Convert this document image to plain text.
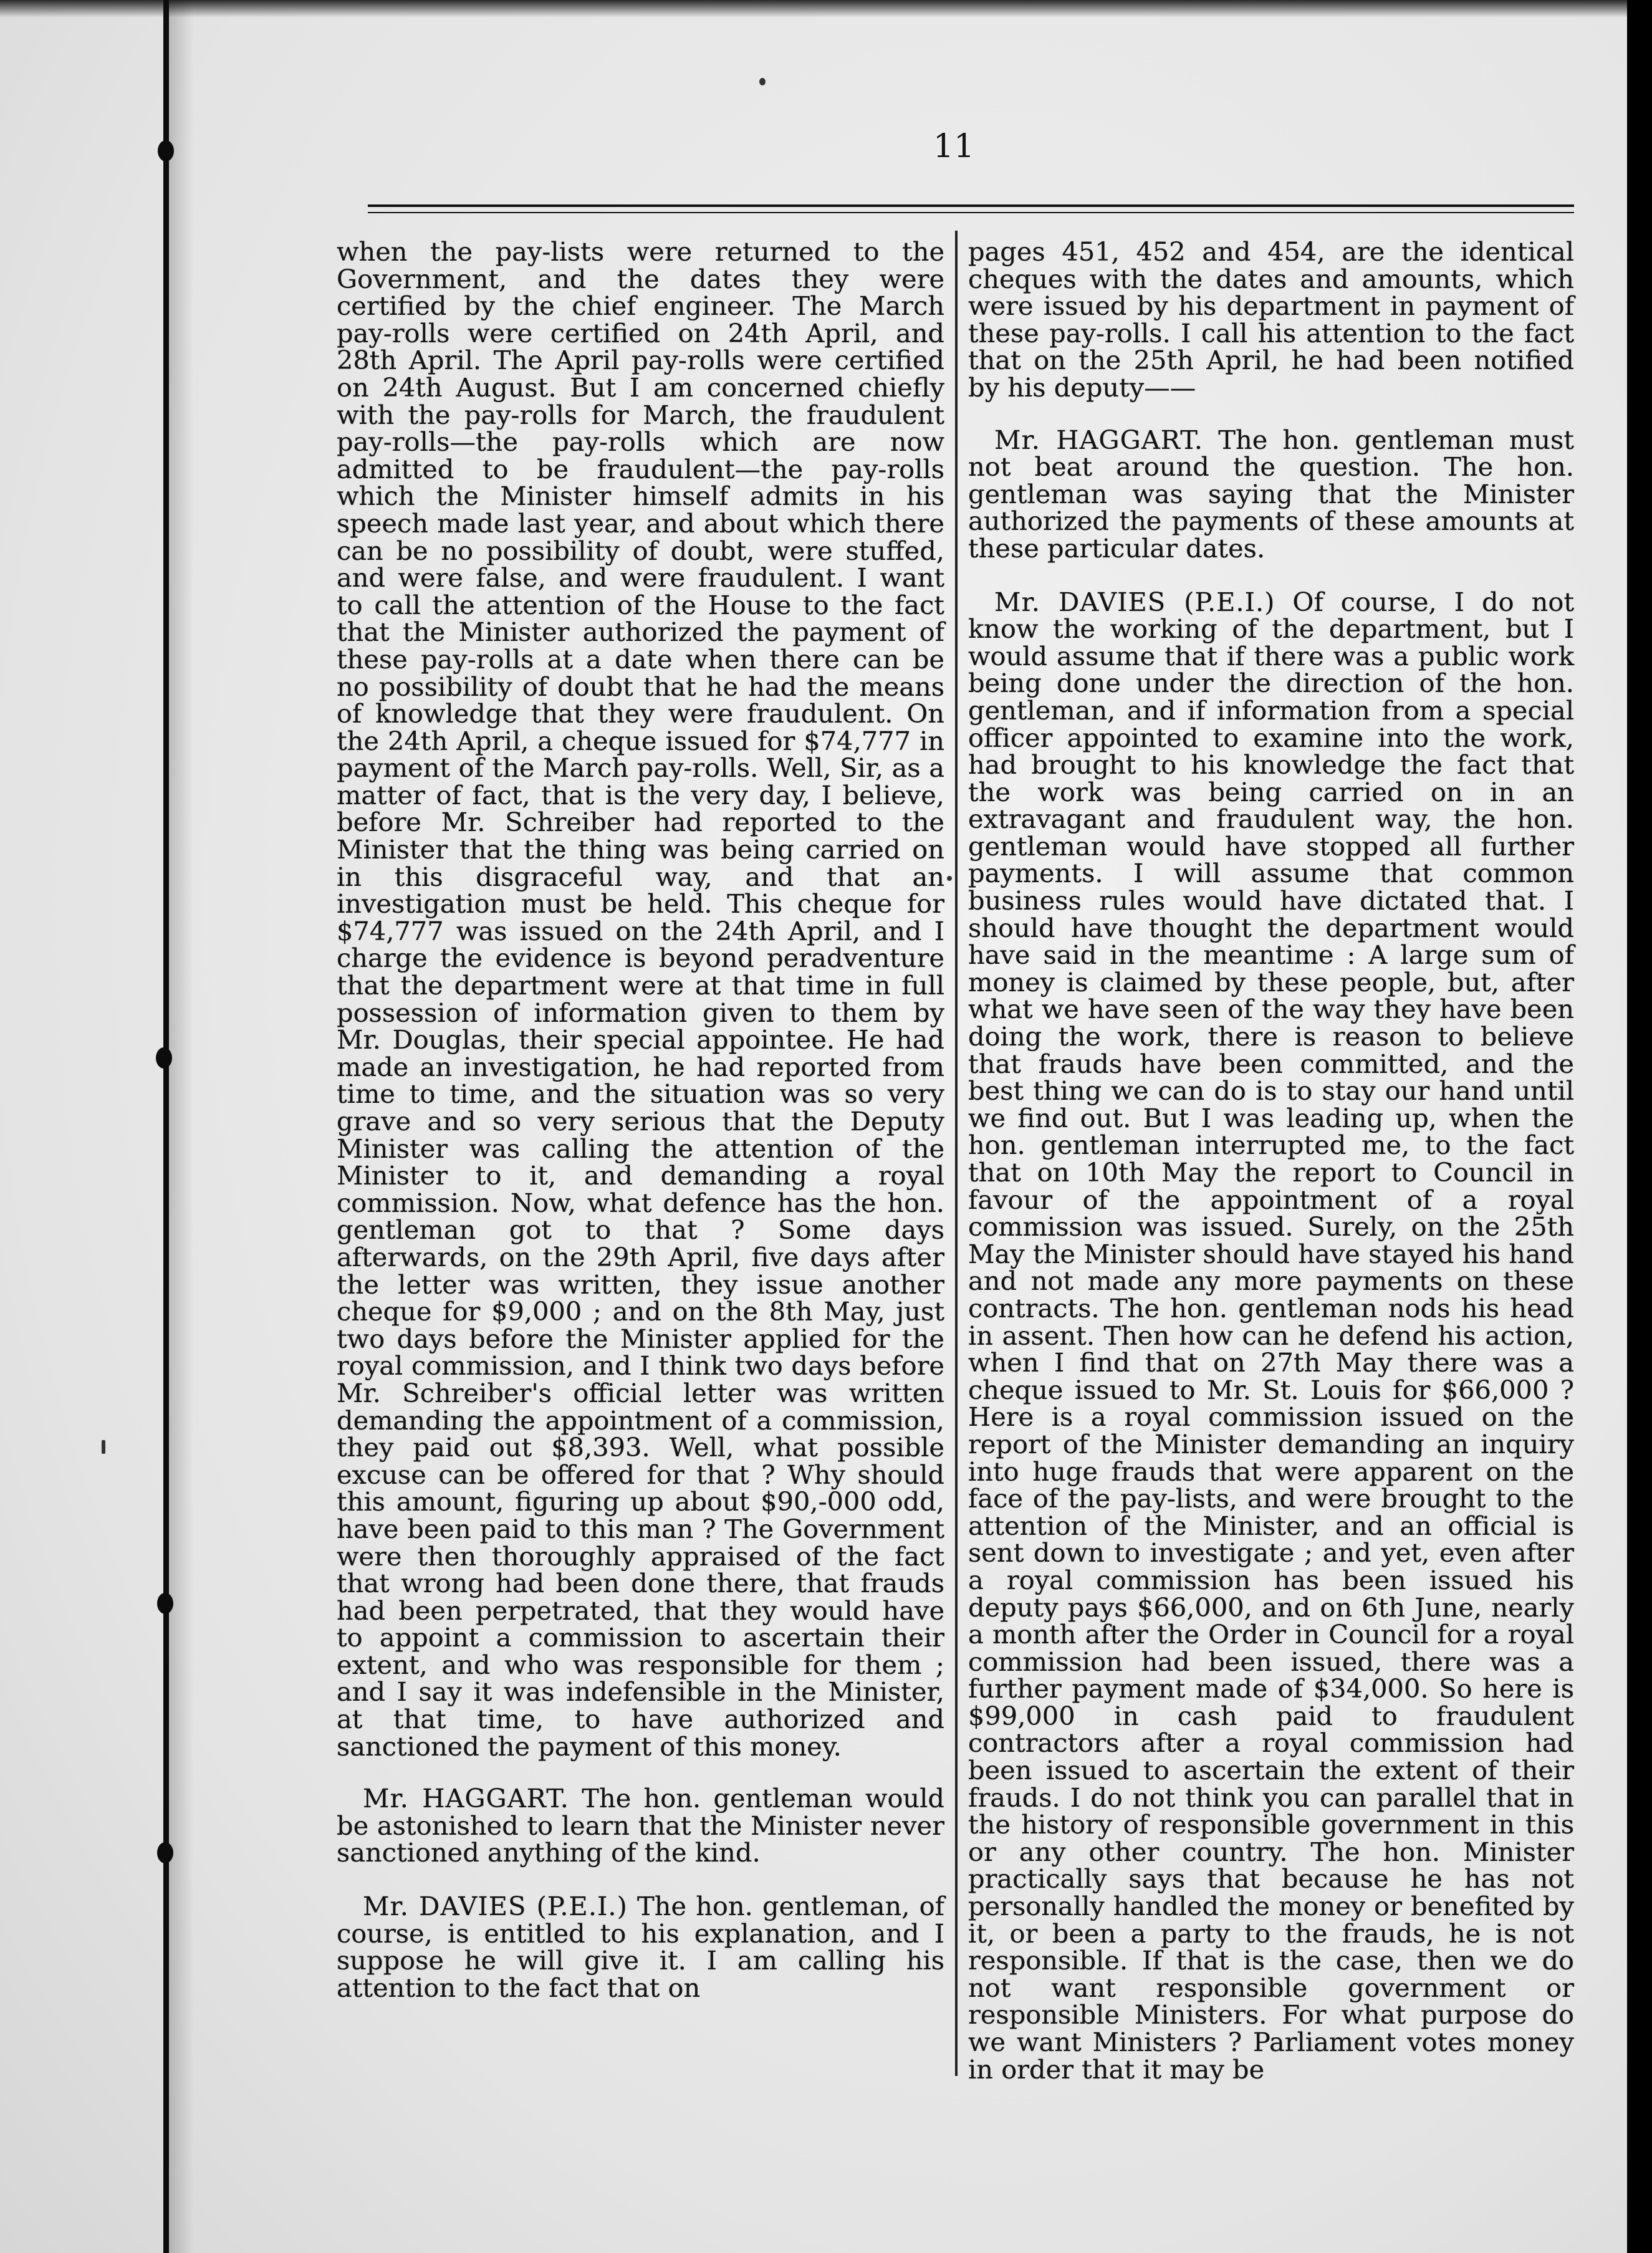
11

when the pay-lists were returned to the Government, and the dates they were certified by the chief engineer. The March pay-rolls were certified on 24th April, and 28th April. The April pay-rolls were certified on 24th August. But I am concerned chiefly with the pay-rolls for March, the fraudulent pay-rolls—the pay-rolls which are now admitted to be fraudulent—the pay-rolls which the Minister himself admits in his speech made last year, and about which there can be no possibility of doubt, were stuffed, and were false, and were fraudulent. I want to call the attention of the House to the fact that the Minister authorized the payment of these pay-rolls at a date when there can be no possibility of doubt that he had the means of knowledge that they were fraudulent. On the 24th April, a cheque issued for $74,777 in payment of the March pay-rolls. Well, Sir, as a matter of fact, that is the very day, I believe, before Mr. Schreiber had reported to the Minister that the thing was being carried on in this disgraceful way, and that an investigation must be held. This cheque for $74,777 was issued on the 24th April, and I charge the evidence is beyond peradventure that the department were at that time in full possession of information given to them by Mr. Douglas, their special appointee. He had made an investigation, he had reported from time to time, and the situation was so very grave and so very serious that the Deputy Minister was calling the attention of the Minister to it, and demanding a royal commission. Now, what defence has the hon. gentleman got to that ? Some days afterwards, on the 29th April, five days after the letter was written, they issue another cheque for $9,000 ; and on the 8th May, just two days before the Minister applied for the royal commission, and I think two days before Mr. Schreiber's official letter was written demanding the appointment of a commission, they paid out $8,393. Well, what possible excuse can be offered for that ? Why should this amount, figuring up about $90,-000 odd, have been paid to this man ? The Government were then thoroughly appraised of the fact that wrong had been done there, that frauds had been perpetrated, that they would have to appoint a commission to ascertain their extent, and who was responsible for them ; and I say it was indefensible in the Minister, at that time, to have authorized and sanctioned the payment of this money.

Mr. HAGGART. The hon. gentleman would be astonished to learn that the Minister never sanctioned anything of the kind.

Mr. DAVIES (P.E.I.) The hon. gentleman, of course, is entitled to his explanation, and I suppose he will give it. I am calling his attention to the fact that on

pages 451, 452 and 454, are the identical cheques with the dates and amounts, which were issued by his department in payment of these pay-rolls. I call his attention to the fact that on the 25th April, he had been notified by his deputy——

Mr. HAGGART. The hon. gentleman must not beat around the question. The hon. gentleman was saying that the Minister authorized the payments of these amounts at these particular dates.

Mr. DAVIES (P.E.I.) Of course, I do not know the working of the department, but I would assume that if there was a public work being done under the direction of the hon. gentleman, and if information from a special officer appointed to examine into the work, had brought to his knowledge the fact that the work was being carried on in an extravagant and fraudulent way, the hon. gentleman would have stopped all further payments. I will assume that common business rules would have dictated that. I should have thought the department would have said in the meantime : A large sum of money is claimed by these people, but, after what we have seen of the way they have been doing the work, there is reason to believe that frauds have been committed, and the best thing we can do is to stay our hand until we find out. But I was leading up, when the hon. gentleman interrupted me, to the fact that on 10th May the report to Council in favour of the appointment of a royal commission was issued. Surely, on the 25th May the Minister should have stayed his hand and not made any more payments on these contracts. The hon. gentleman nods his head in assent. Then how can he defend his action, when I find that on 27th May there was a cheque issued to Mr. St. Louis for $66,000 ? Here is a royal commission issued on the report of the Minister demanding an inquiry into huge frauds that were apparent on the face of the pay-lists, and were brought to the attention of the Minister, and an official is sent down to investigate ; and yet, even after a royal commission has been issued his deputy pays $66,000, and on 6th June, nearly a month after the Order in Council for a royal commission had been issued, there was a further payment made of $34,000. So here is $99,000 in cash paid to fraudulent contractors after a royal commission had been issued to ascertain the extent of their frauds. I do not think you can parallel that in the history of responsible government in this or any other country. The hon. Minister practically says that because he has not personally handled the money or benefited by it, or been a party to the frauds, he is not responsible. If that is the case, then we do not want responsible government or responsible Ministers. For what purpose do we want Ministers ? Parliament votes money in order that it may be
